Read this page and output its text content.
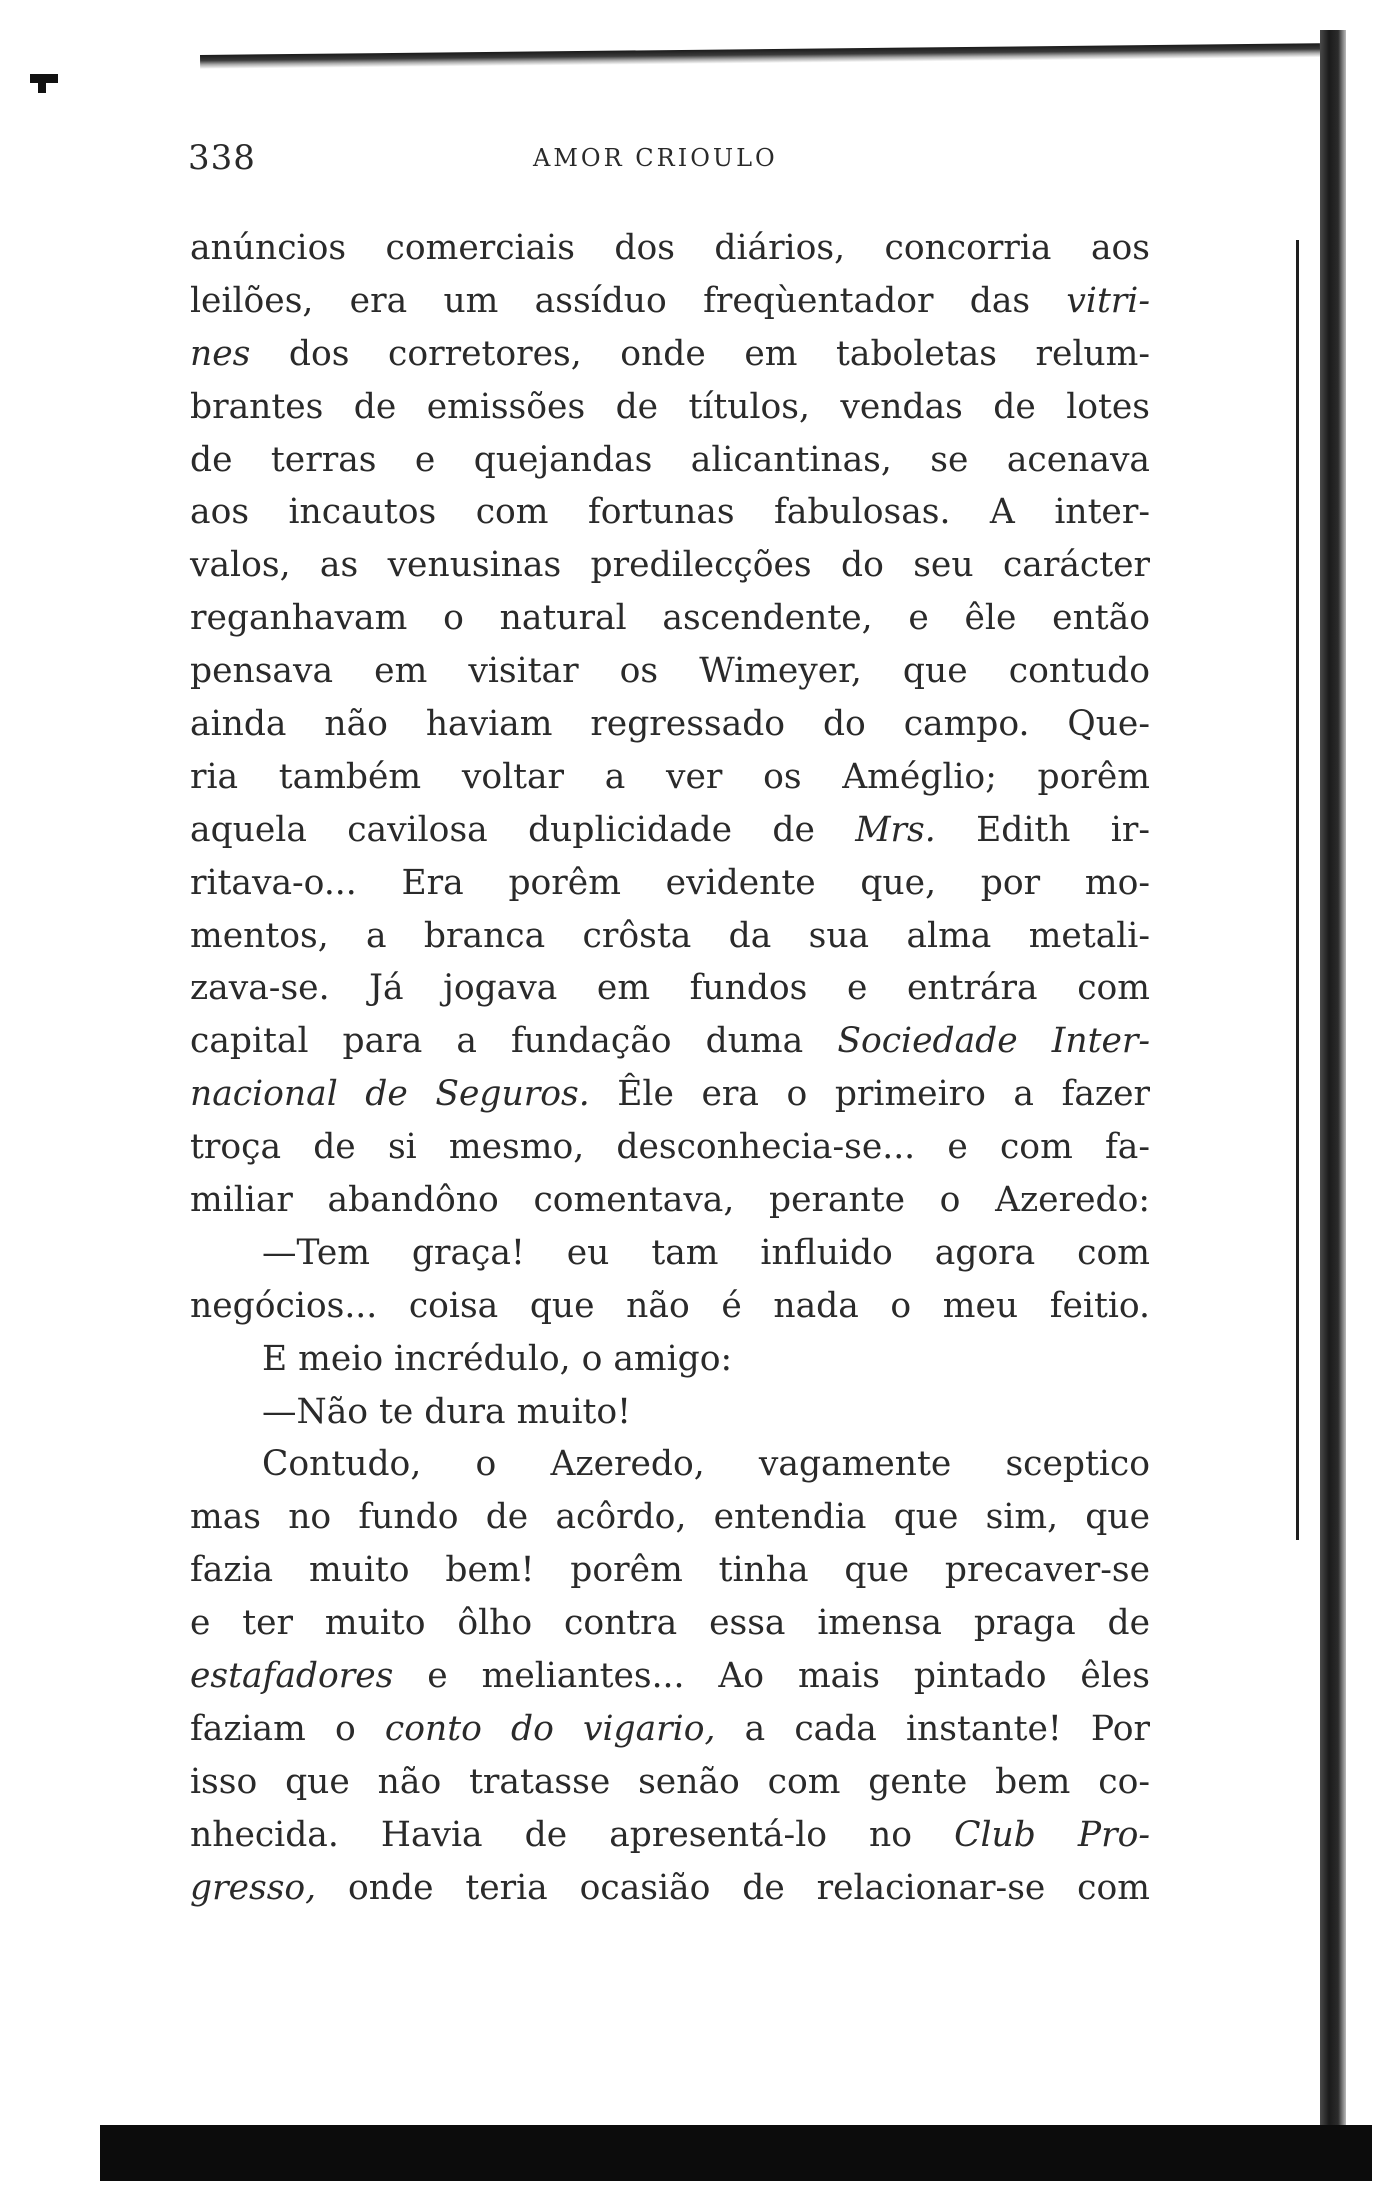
338	AMOR CRIOULO
anúncios comerciais dos diários, concorria aos
leilões, era um assíduo freqùentador das vitri-
nes dos corretores, onde em taboletas relum-
brantes de emissões de títulos, vendas de lotes
de terras e quejandas alicantinas, se acenava
aos incautos com fortunas fabulosas. A inter-
valos, as venusinas predilecções do seu carácter
reganhavam o natural ascendente, e êle então
pensava em visitar os Wimeyer, que contudo
ainda não haviam regressado do campo. Que-
ria também voltar a ver os Améglio; porêm
aquela cavilosa duplicidade de Mrs. Edith ir-
ritava-o... Era porêm evidente que, por mo-
mentos, a branca crôsta da sua alma metali-
zava-se. Já jogava em fundos e entrára com
capital para a fundação duma Sociedade Inter-
nacional de Seguros. Êle era o primeiro a fazer
troça de si mesmo, desconhecia-se... e com fa-
miliar abandôno comentava, perante o Azeredo:
—Tem graça! eu tam influido agora com
negócios... coisa que não é nada o meu feitio.
E meio incrédulo, o amigo:
—Não te dura muito!
Contudo, o Azeredo, vagamente sceptico
mas no fundo de acôrdo, entendia que sim, que
fazia muito bem! porêm tinha que precaver-se
e ter muito ôlho contra essa imensa praga de
estafadores e meliantes... Ao mais pintado êles
faziam o conto do vigario, a cada instante! Por
isso que não tratasse senão com gente bem co-
nhecida. Havia de apresentá-lo no Club Pro-
gresso, onde teria ocasião de relacionar-se com
